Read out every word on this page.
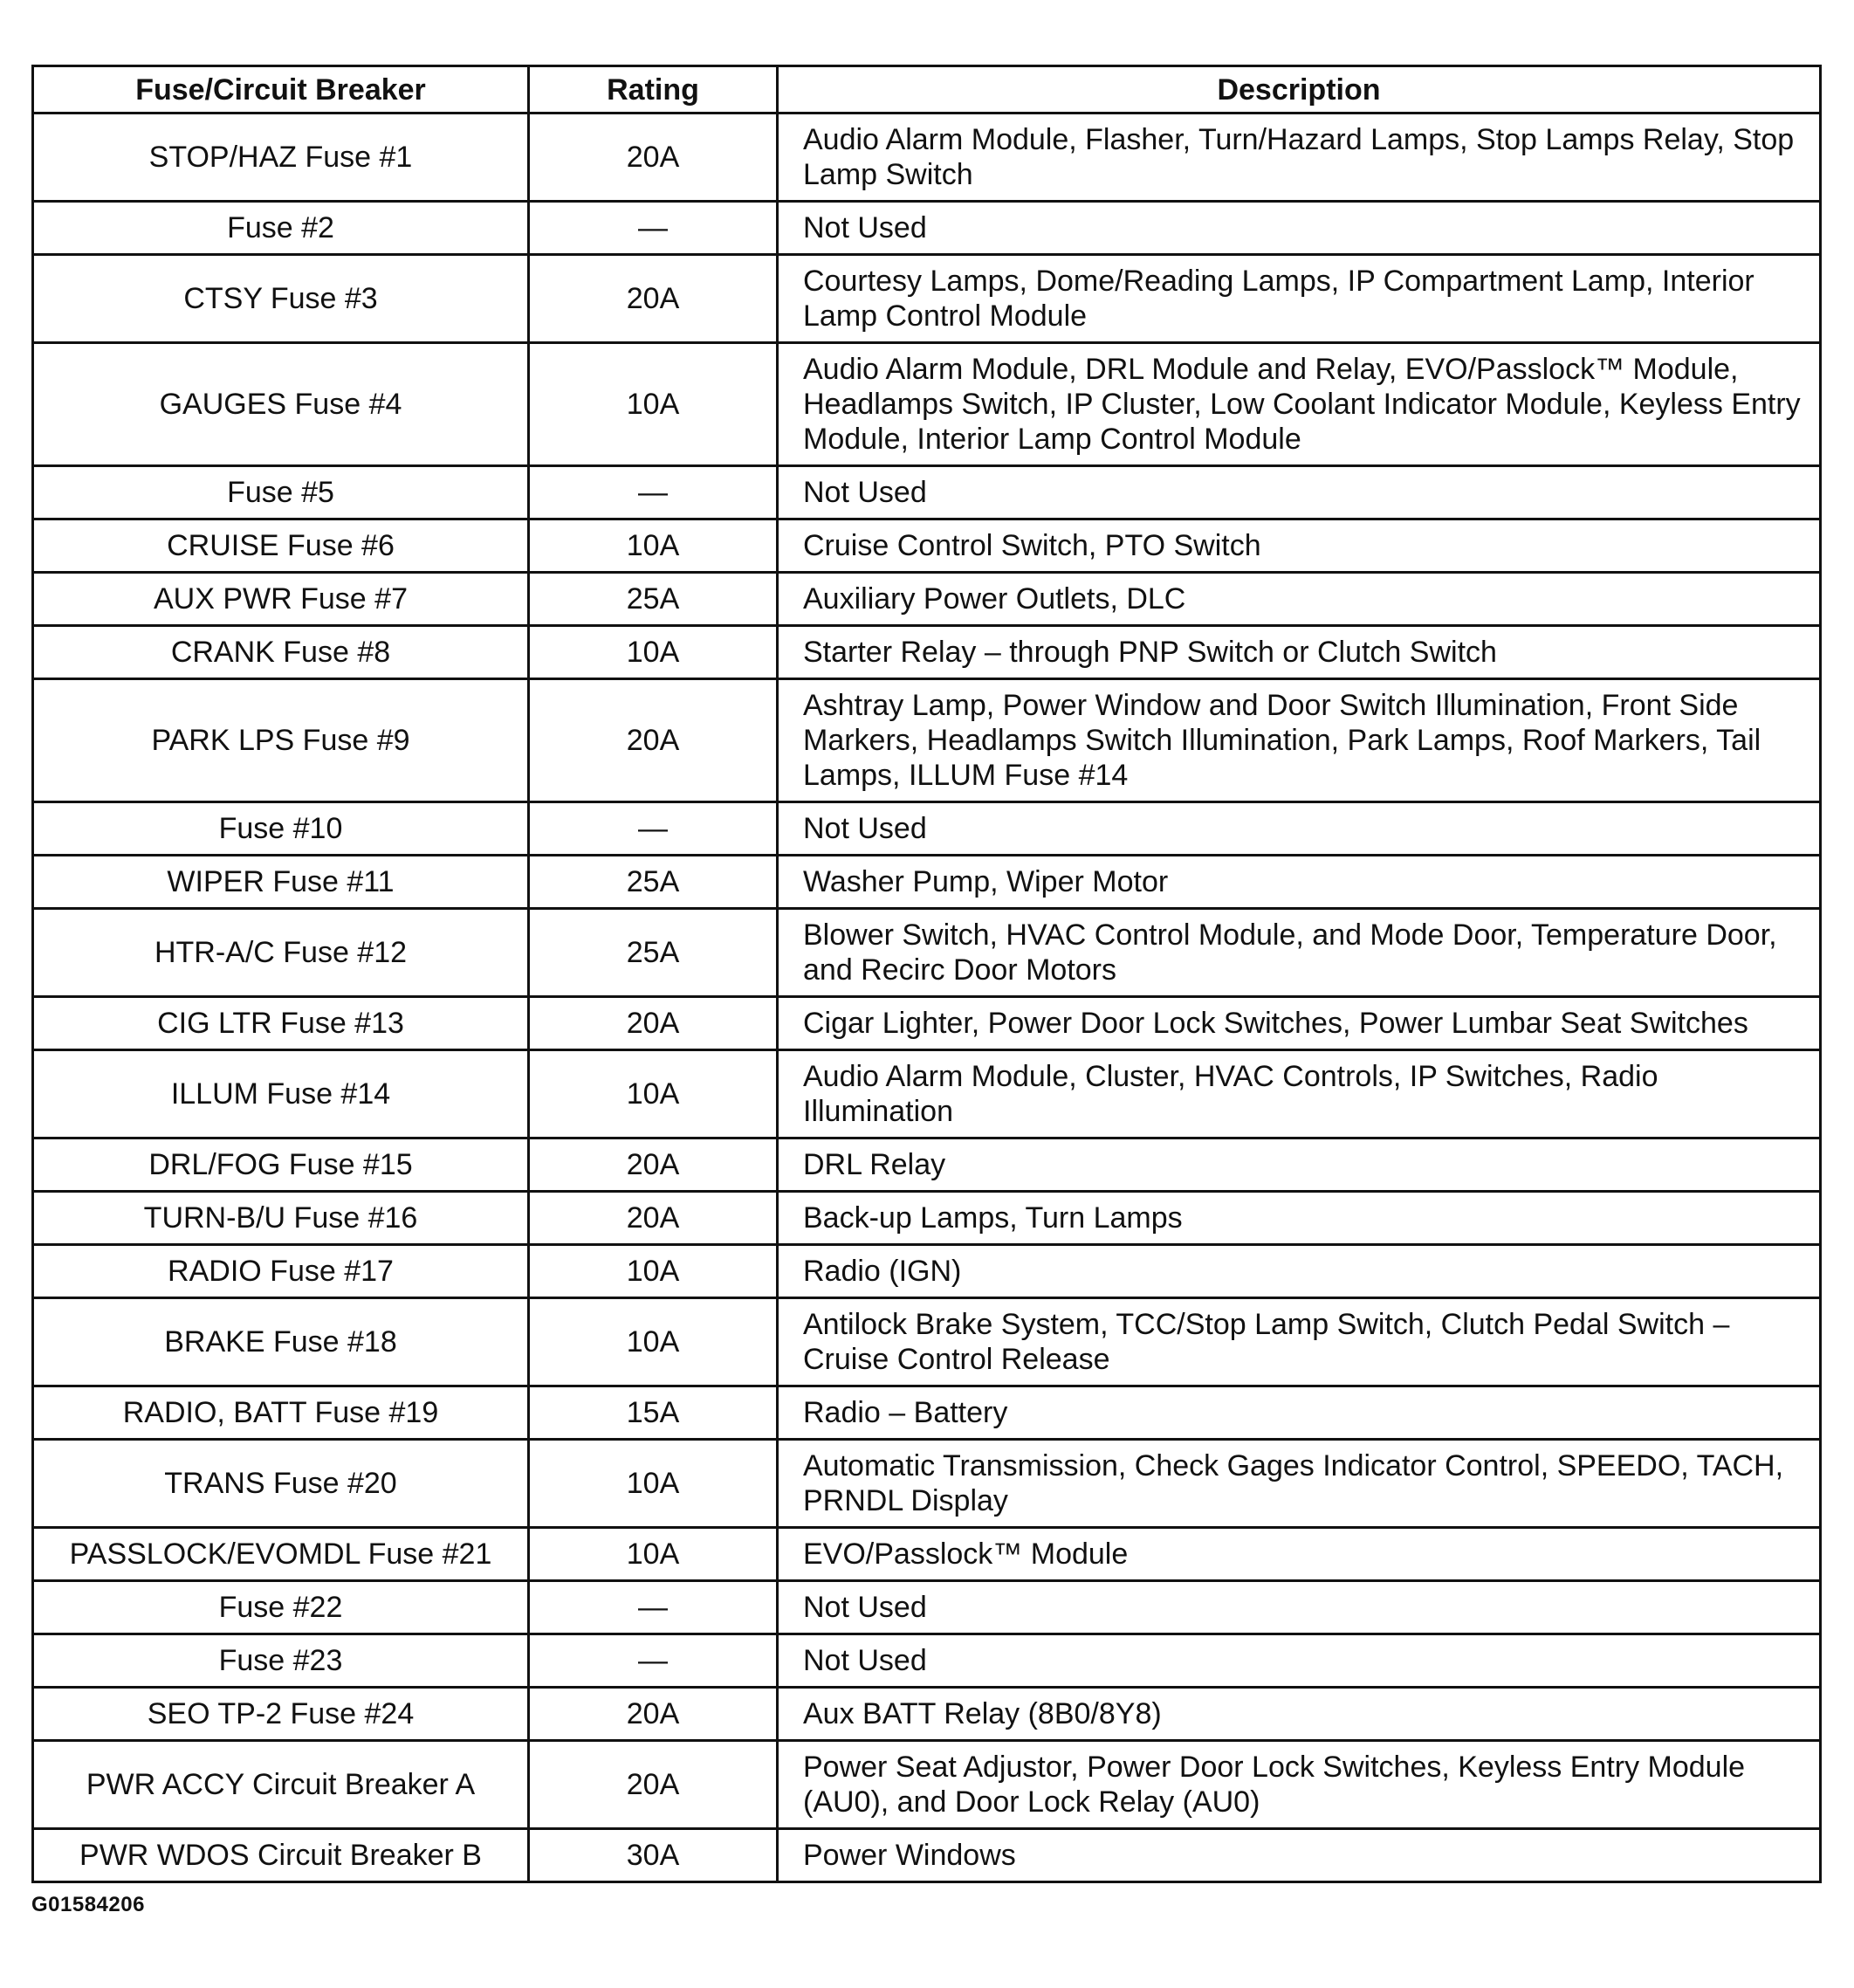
Fuse/Circuit Breaker	Rating	Description
STOP/HAZ Fuse #1	20A	Audio Alarm Module, Flasher, Turn/Hazard Lamps, Stop Lamps Relay, Stop Lamp Switch
Fuse #2	—	Not Used
CTSY Fuse #3	20A	Courtesy Lamps, Dome/Reading Lamps, IP Compartment Lamp, Interior Lamp Control Module
GAUGES Fuse #4	10A	Audio Alarm Module, DRL Module and Relay, EVO/Passlock™ Module, Headlamps Switch, IP Cluster, Low Coolant Indicator Module, Keyless Entry Module, Interior Lamp Control Module
Fuse #5	—	Not Used
CRUISE Fuse #6	10A	Cruise Control Switch, PTO Switch
AUX PWR Fuse #7	25A	Auxiliary Power Outlets, DLC
CRANK Fuse #8	10A	Starter Relay – through PNP Switch or Clutch Switch
PARK LPS Fuse #9	20A	Ashtray Lamp, Power Window and Door Switch Illumination, Front Side Markers, Headlamps Switch Illumination, Park Lamps, Roof Markers, Tail Lamps, ILLUM Fuse #14
Fuse #10	—	Not Used
WIPER Fuse #11	25A	Washer Pump, Wiper Motor
HTR-A/C Fuse #12	25A	Blower Switch, HVAC Control Module, and Mode Door, Temperature Door, and Recirc Door Motors
CIG LTR Fuse #13	20A	Cigar Lighter, Power Door Lock Switches, Power Lumbar Seat Switches
ILLUM Fuse #14	10A	Audio Alarm Module, Cluster, HVAC Controls, IP Switches, Radio Illumination
DRL/FOG Fuse #15	20A	DRL Relay
TURN-B/U Fuse #16	20A	Back-up Lamps, Turn Lamps
RADIO Fuse #17	10A	Radio (IGN)
BRAKE Fuse #18	10A	Antilock Brake System, TCC/Stop Lamp Switch, Clutch Pedal Switch – Cruise Control Release
RADIO, BATT Fuse #19	15A	Radio – Battery
TRANS Fuse #20	10A	Automatic Transmission, Check Gages Indicator Control, SPEEDO, TACH, PRNDL Display
PASSLOCK/EVOMDL Fuse #21	10A	EVO/Passlock™ Module
Fuse #22	—	Not Used
Fuse #23	—	Not Used
SEO TP-2 Fuse #24	20A	Aux BATT Relay (8B0/8Y8)
PWR ACCY Circuit Breaker A	20A	Power Seat Adjustor, Power Door Lock Switches, Keyless Entry Module (AU0), and Door Lock Relay (AU0)
PWR WDOS Circuit Breaker B	30A	Power Windows
G01584206
